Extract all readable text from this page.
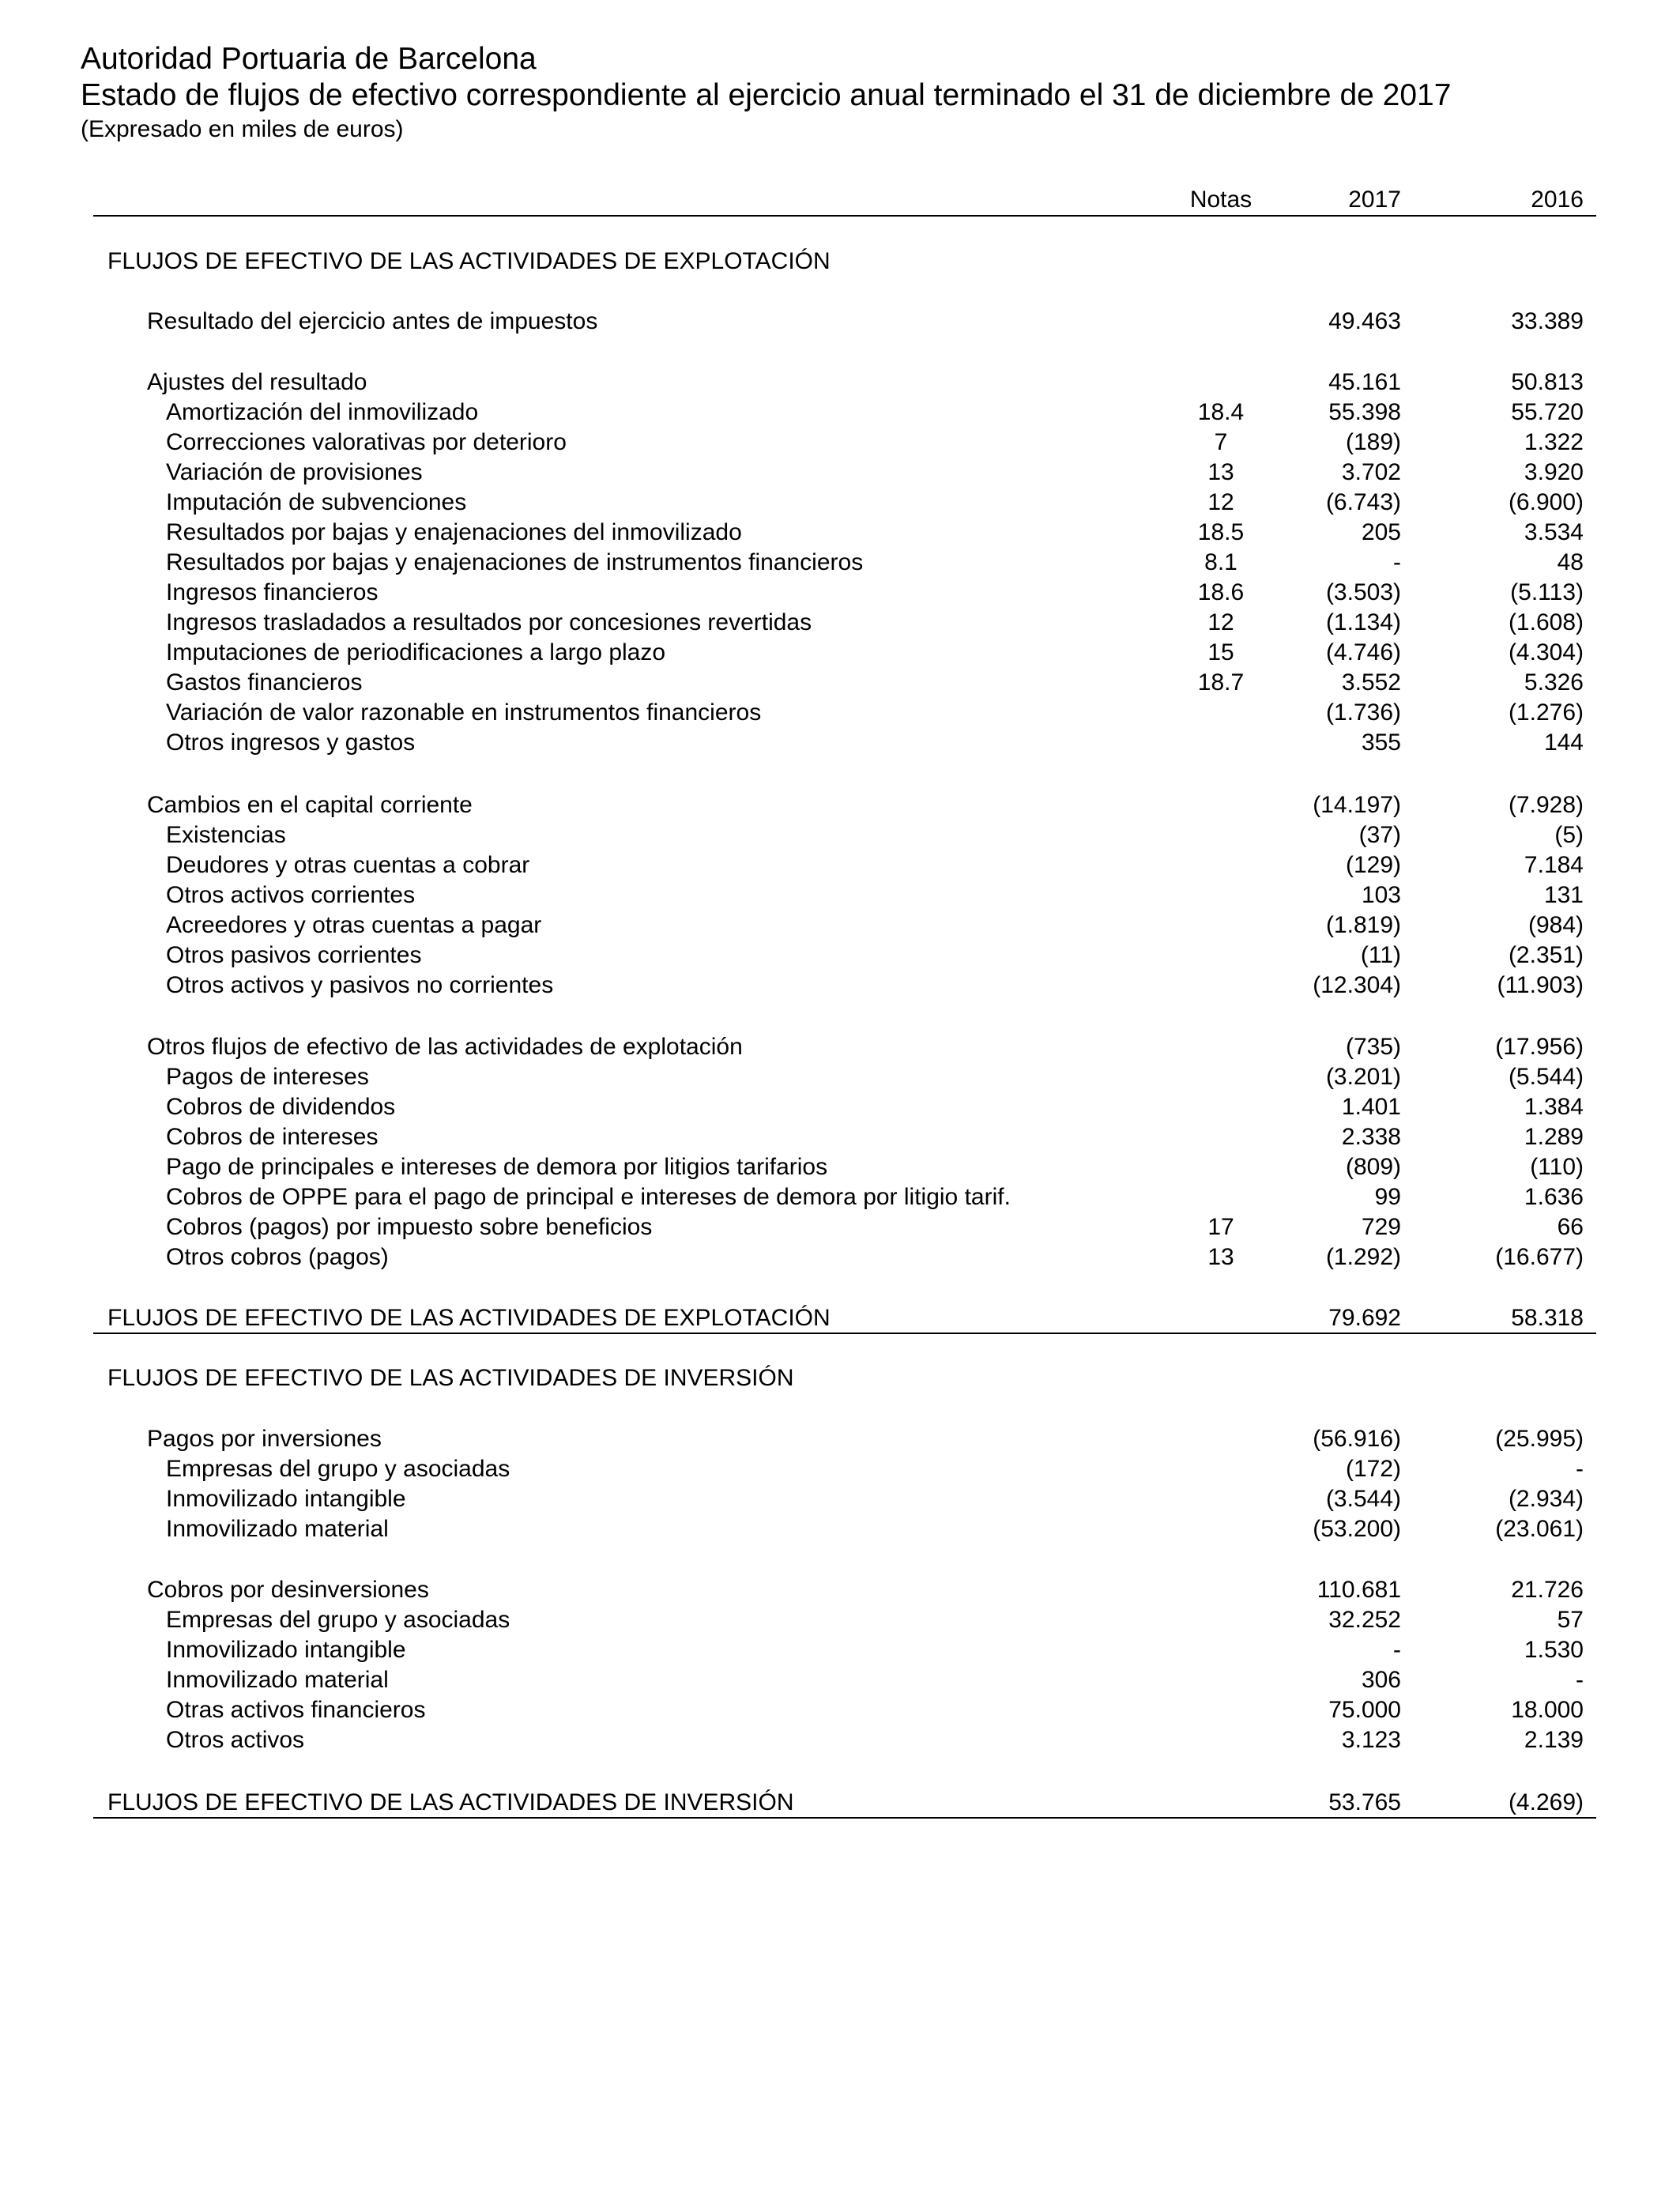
Autoridad Portuaria de Barcelona
Estado de flujos de efectivo correspondiente al ejercicio anual terminado el 31 de diciembre de 2017
(Expresado en miles de euros)
Notas	2017	2016
FLUJOS DE EFECTIVO DE LAS ACTIVIDADES DE EXPLOTACIÓN
Resultado del ejercicio antes de impuestos	49.463	33.389
Ajustes del resultado	45.161	50.813
Amortización del inmovilizado	18.4	55.398	55.720
Correcciones valorativas por deterioro	7	(189)	1.322
Variación de provisiones	13	3.702	3.920
Imputación de subvenciones	12	(6.743)	(6.900)
Resultados por bajas y enajenaciones del inmovilizado	18.5	205	3.534
Resultados por bajas y enajenaciones de instrumentos financieros	8.1	-	48
Ingresos financieros	18.6	(3.503)	(5.113)
Ingresos trasladados a resultados por concesiones revertidas	12	(1.134)	(1.608)
Imputaciones de periodificaciones a largo plazo	15	(4.746)	(4.304)
Gastos financieros	18.7	3.552	5.326
Variación de valor razonable en instrumentos financieros	(1.736)	(1.276)
Otros ingresos y gastos	355	144
Cambios en el capital corriente	(14.197)	(7.928)
Existencias	(37)	(5)
Deudores y otras cuentas a cobrar	(129)	7.184
Otros activos corrientes	103	131
Acreedores y otras cuentas a pagar	(1.819)	(984)
Otros pasivos corrientes	(11)	(2.351)
Otros activos y pasivos no corrientes	(12.304)	(11.903)
Otros flujos de efectivo de las actividades de explotación	(735)	(17.956)
Pagos de intereses	(3.201)	(5.544)
Cobros de dividendos	1.401	1.384
Cobros de intereses	2.338	1.289
Pago de principales e intereses de demora por litigios tarifarios	(809)	(110)
Cobros de OPPE para el pago de principal e intereses de demora por litigio tarif.	99	1.636
Cobros (pagos) por impuesto sobre beneficios	17	729	66
Otros cobros (pagos)	13	(1.292)	(16.677)
FLUJOS DE EFECTIVO DE LAS ACTIVIDADES DE EXPLOTACIÓN	79.692	58.318
FLUJOS DE EFECTIVO DE LAS ACTIVIDADES DE INVERSIÓN
Pagos por inversiones	(56.916)	(25.995)
Empresas del grupo y asociadas	(172)	-
Inmovilizado intangible	(3.544)	(2.934)
Inmovilizado material	(53.200)	(23.061)
Cobros por desinversiones	110.681	21.726
Empresas del grupo y asociadas	32.252	57
Inmovilizado intangible	-	1.530
Inmovilizado material	306	-
Otras activos financieros	75.000	18.000
Otros activos	3.123	2.139
FLUJOS DE EFECTIVO DE LAS ACTIVIDADES DE INVERSIÓN	53.765	(4.269)
